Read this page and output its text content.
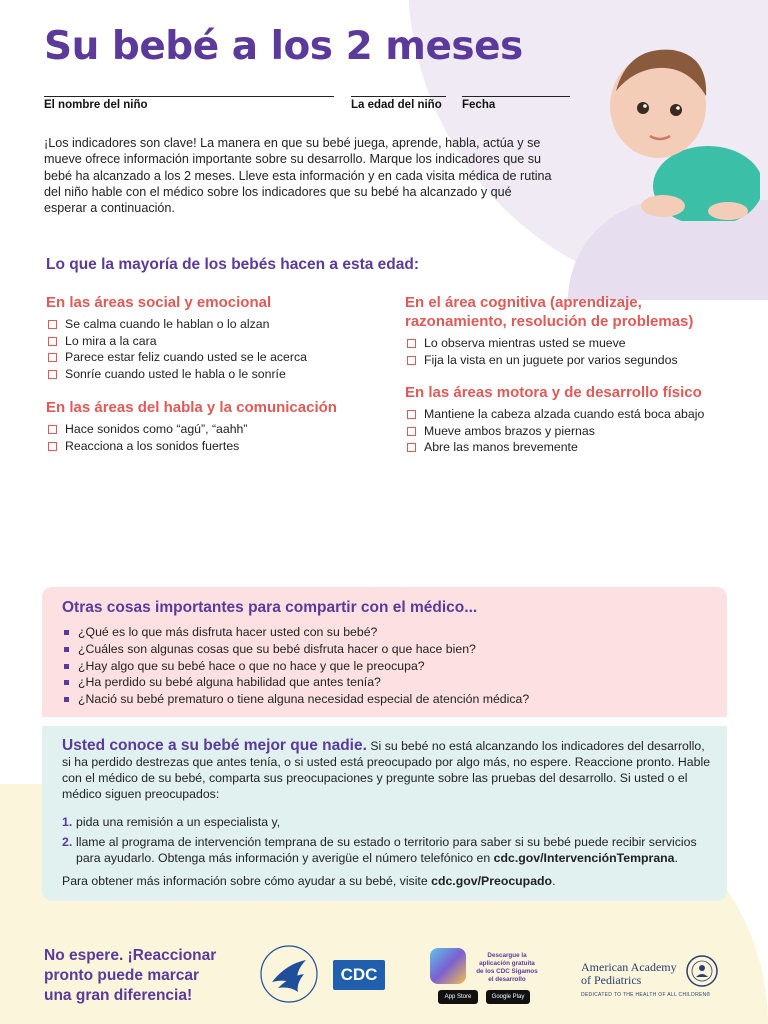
Su bebé a los 2 meses
El nombre del niño	La edad del niño Fecha

¡Los indicadores son clave! La manera en que su bebé juega, aprende, habla, actúa y se mueve ofrece información importante sobre su desarrollo. Marque los indicadores que su bebé ha alcanzado a los 2 meses. Lleve esta información y en cada visita médica de rutina del niño hable con el médico sobre los indicadores que su bebé ha alcanzado y qué esperar a continuación.

Lo que la mayoría de los bebés hacen a esta edad:
En las áreas social y emocional
Se calma cuando le hablan o lo alzan
Lo mira a la cara
Parece estar feliz cuando usted se le acerca
Sonríe cuando usted le habla o le sonríe
En las áreas del habla y la comunicación
Hace sonidos como “agú”, “aahh”
Reacciona a los sonidos fuertes
En el área cognitiva (aprendizaje,
razonamiento, resolución de problemas)
Lo observa mientras usted se mueve
Fija la vista en un juguete por varios segundos
En las áreas motora y de desarrollo físico
Mantiene la cabeza alzada cuando está boca abajo
Mueve ambos brazos y piernas
Abre las manos brevemente
Otras cosas importantes para compartir con el médico...
¿Qué es lo que más disfruta hacer usted con su bebé?
¿Cuáles son algunas cosas que su bebé disfruta hacer o que hace bien?
¿Hay algo que su bebé hace o que no hace y que le preocupa?
¿Ha perdido su bebé alguna habilidad que antes tenía?
¿Nació su bebé prematuro o tiene alguna necesidad especial de atención médica?

Usted conoce a su bebé mejor que nadie. Si su bebé no está alcanzando los indicadores del desarrollo, si ha perdido destrezas que antes tenía, o si usted está preocupado por algo más, no espere. Reaccione pronto. Hable con el médico de su bebé, comparta sus preocupaciones y pregunte sobre las pruebas del desarrollo. Si usted o el médico siguen preocupados:

1. pida una remisión a un especialista y,
2. llame al programa de intervención temprana de su estado o territorio para saber si su bebé puede recibir servicios para ayudarlo. Obtenga más información y averigüe el número telefónico en cdc.gov/IntervenciónTemprana.

Para obtener más información sobre cómo ayudar a su bebé, visite cdc.gov/Preocupado.

No espere. ¡Reaccionar
pronto puede marcar
una gran diferencia!
CDC
Descargue la
aplicación gratuita
de los CDC Sigamos
el desarrollo
App Store	Google Play
American Academy
of Pediatrics
DEDICATED TO THE HEALTH OF ALL CHILDREN®
